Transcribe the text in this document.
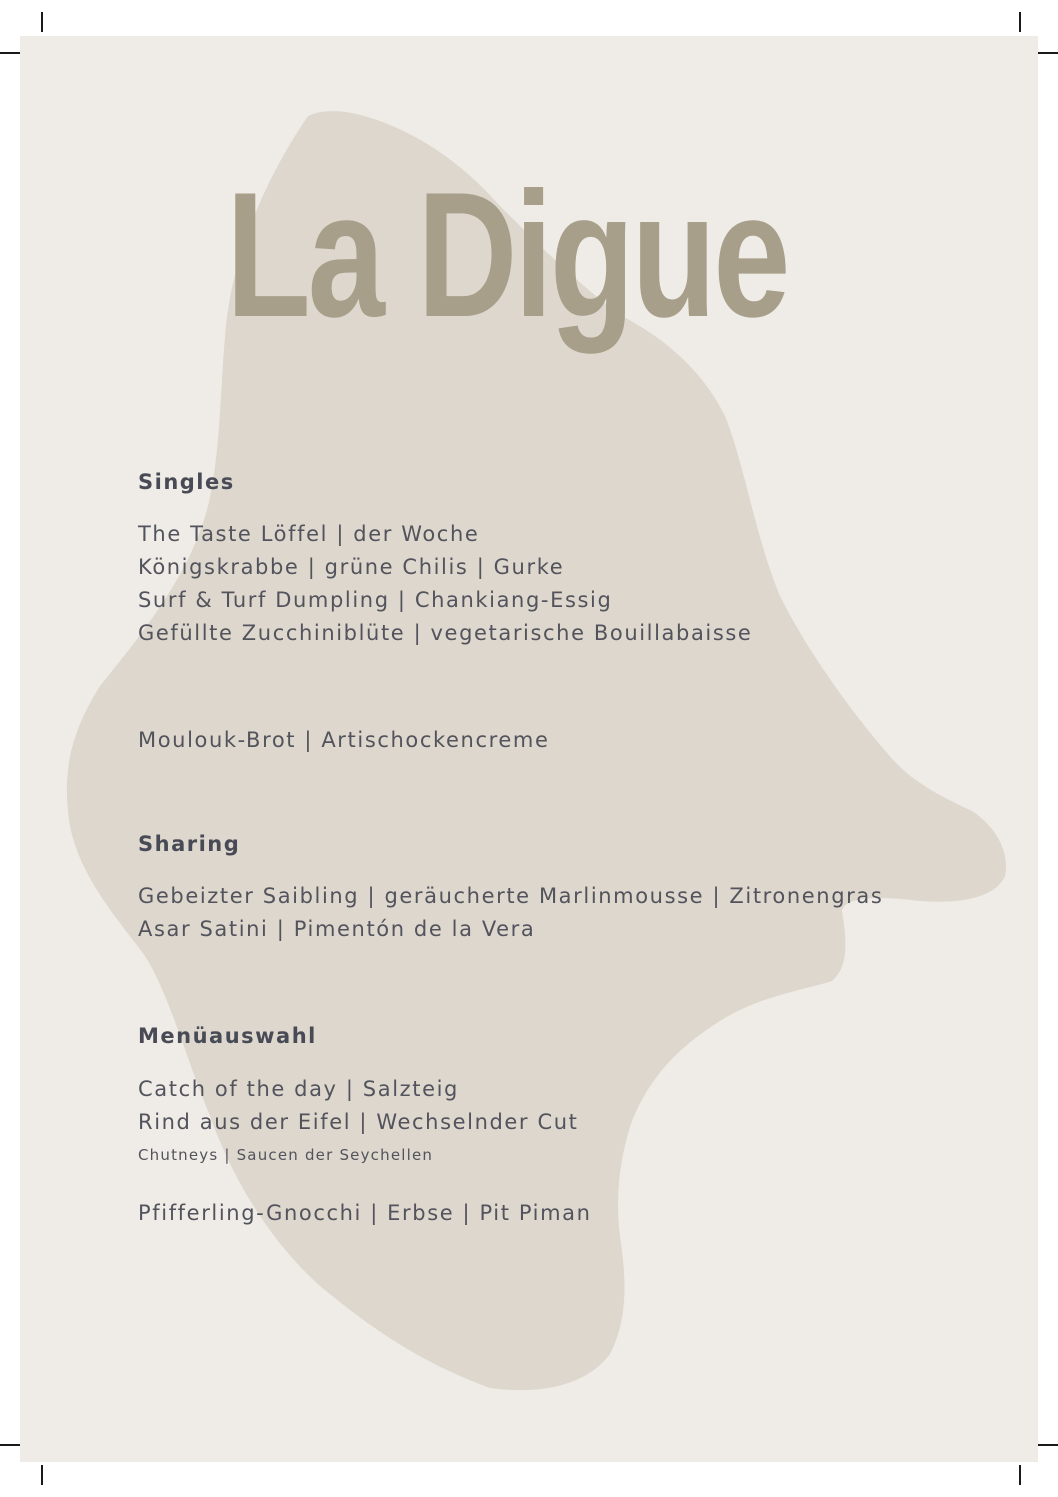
La Digue
Singles

The Taste Löffel | der Woche

Königskrabbe | grüne Chilis | Gurke

Surf & Turf Dumpling | Chankiang-Essig

Gefüllte Zucchiniblüte | vegetarische Bouillabaisse

Moulouk-Brot | Artischockencreme

Sharing

Gebeizter Saibling | geräucherte Marlinmousse | Zitronengras

Asar Satini | Pimentón de la Vera

Menüauswahl

Catch of the day | Salzteig

Rind aus der Eifel | Wechselnder Cut

Chutneys | Saucen der Seychellen

Pfifferling-Gnocchi | Erbse | Pit Piman
